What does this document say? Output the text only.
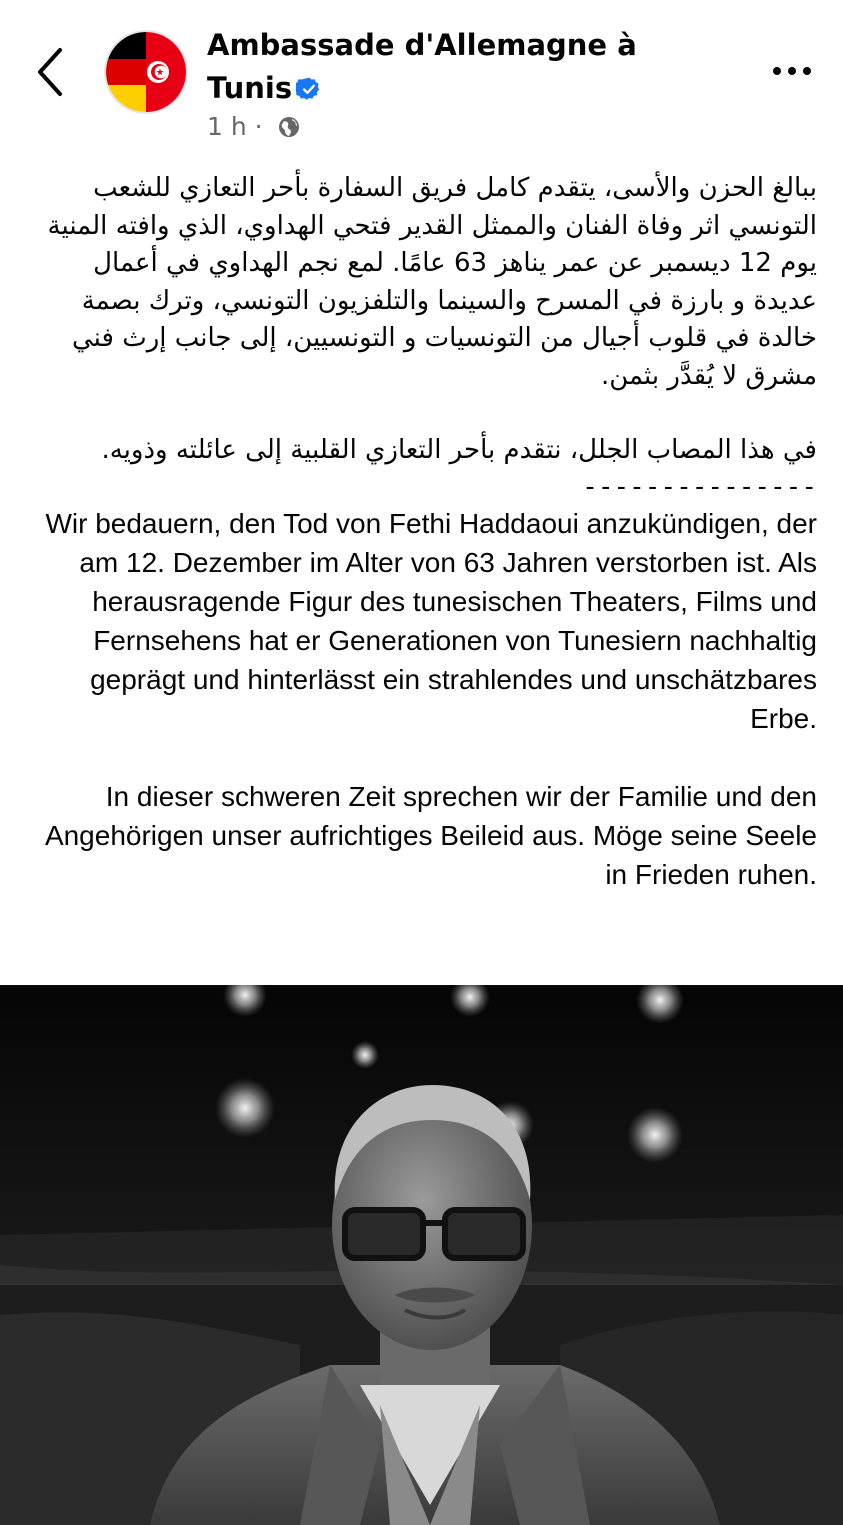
Ambassade d'Allemagne à Tunis
1 h ·

ببالغ الحزن والأسى، يتقدم كامل فريق السفارة بأحر التعازي للشعب التونسي اثر وفاة الفنان والممثل القدير فتحي الهداوي، الذي وافته المنية يوم 12 ديسمبر عن عمر يناهز 63 عامًا. لمع نجم الهداوي في أعمال عديدة و بارزة في المسرح والسينما والتلفزيون التونسي، وترك بصمة خالدة في قلوب أجيال من التونسيات و التونسيين، إلى جانب إرث فني مشرق لا يُقدَّر بثمن.

في هذا المصاب الجلل، نتقدم بأحر التعازي القلبية إلى عائلته وذويه.

---------------

Wir bedauern, den Tod von Fethi Haddaoui anzukündigen, der am 12. Dezember im Alter von 63 Jahren verstorben ist. Als herausragende Figur des tunesischen Theaters, Films und Fernsehens hat er Generationen von Tunesiern nachhaltig geprägt und hinterlässt ein strahlendes und unschätzbares Erbe.

In dieser schweren Zeit sprechen wir der Familie und den Angehörigen unser aufrichtiges Beileid aus. Möge seine Seele in Frieden ruhen.
